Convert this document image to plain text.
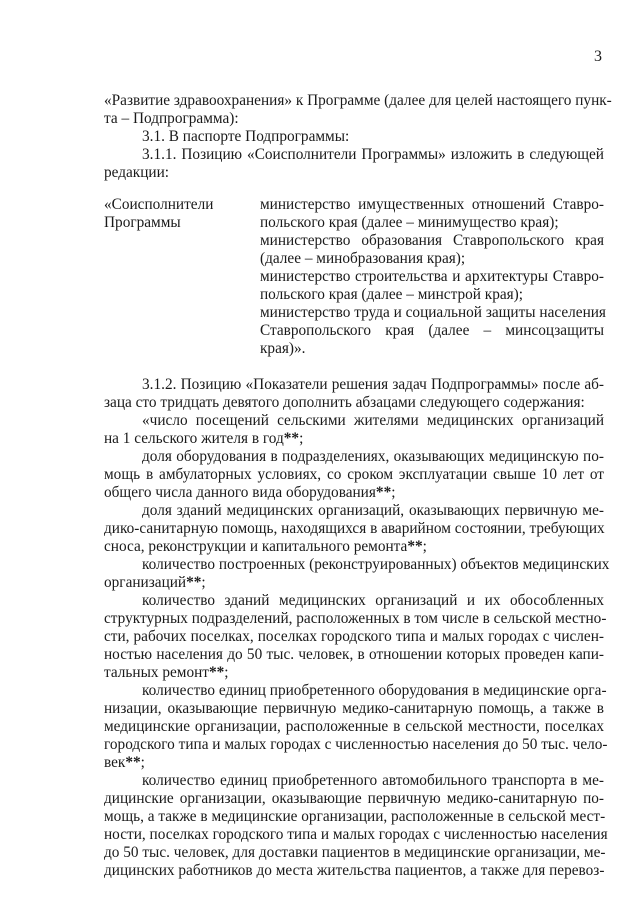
3
«Развитие здравоохранения» к Программе (далее для целей настоящего пунк-
та – Подпрограмма):
3.1. В паспорте Подпрограммы:
3.1.1. Позицию «Соисполнители Программы» изложить в следующей
редакции:
«Соисполнители
Программы
министерство имущественных отношений Ставро-
польского края (далее – минимущество края);
министерство образования Ставропольского края
(далее – минобразования края);
министерство строительства и архитектуры Ставро-
польского края (далее – минстрой края);
министерство труда и социальной защиты населения
Ставропольского края (далее – минсоцзащиты
края)».
3.1.2. Позицию «Показатели решения задач Подпрограммы» после аб-
заца сто тридцать девятого дополнить абзацами следующего содержания:
«число посещений сельскими жителями медицинских организаций
на 1 сельского жителя в год**;
доля оборудования в подразделениях, оказывающих медицинскую по-
мощь в амбулаторных условиях, со сроком эксплуатации свыше 10 лет от
общего числа данного вида оборудования**;
доля зданий медицинских организаций, оказывающих первичную ме-
дико-санитарную помощь, находящихся в аварийном состоянии, требующих
сноса, реконструкции и капитального ремонта**;
количество построенных (реконструированных) объектов медицинских
организаций**;
количество зданий медицинских организаций и их обособленных
структурных подразделений, расположенных в том числе в сельской местно-
сти, рабочих поселках, поселках городского типа и малых городах с числен-
ностью населения до 50 тыс. человек, в отношении которых проведен капи-
тальных ремонт**;
количество единиц приобретенного оборудования в медицинские орга-
низации, оказывающие первичную медико-санитарную помощь, а также в
медицинские организации, расположенные в сельской местности, поселках
городского типа и малых городах с численностью населения до 50 тыс. чело-
век**;
количество единиц приобретенного автомобильного транспорта в ме-
дицинские организации, оказывающие первичную медико-санитарную по-
мощь, а также в медицинские организации, расположенные в сельской мест-
ности, поселках городского типа и малых городах с численностью населения
до 50 тыс. человек, для доставки пациентов в медицинские организации, ме-
дицинских работников до места жительства пациентов, а также для перевоз-
